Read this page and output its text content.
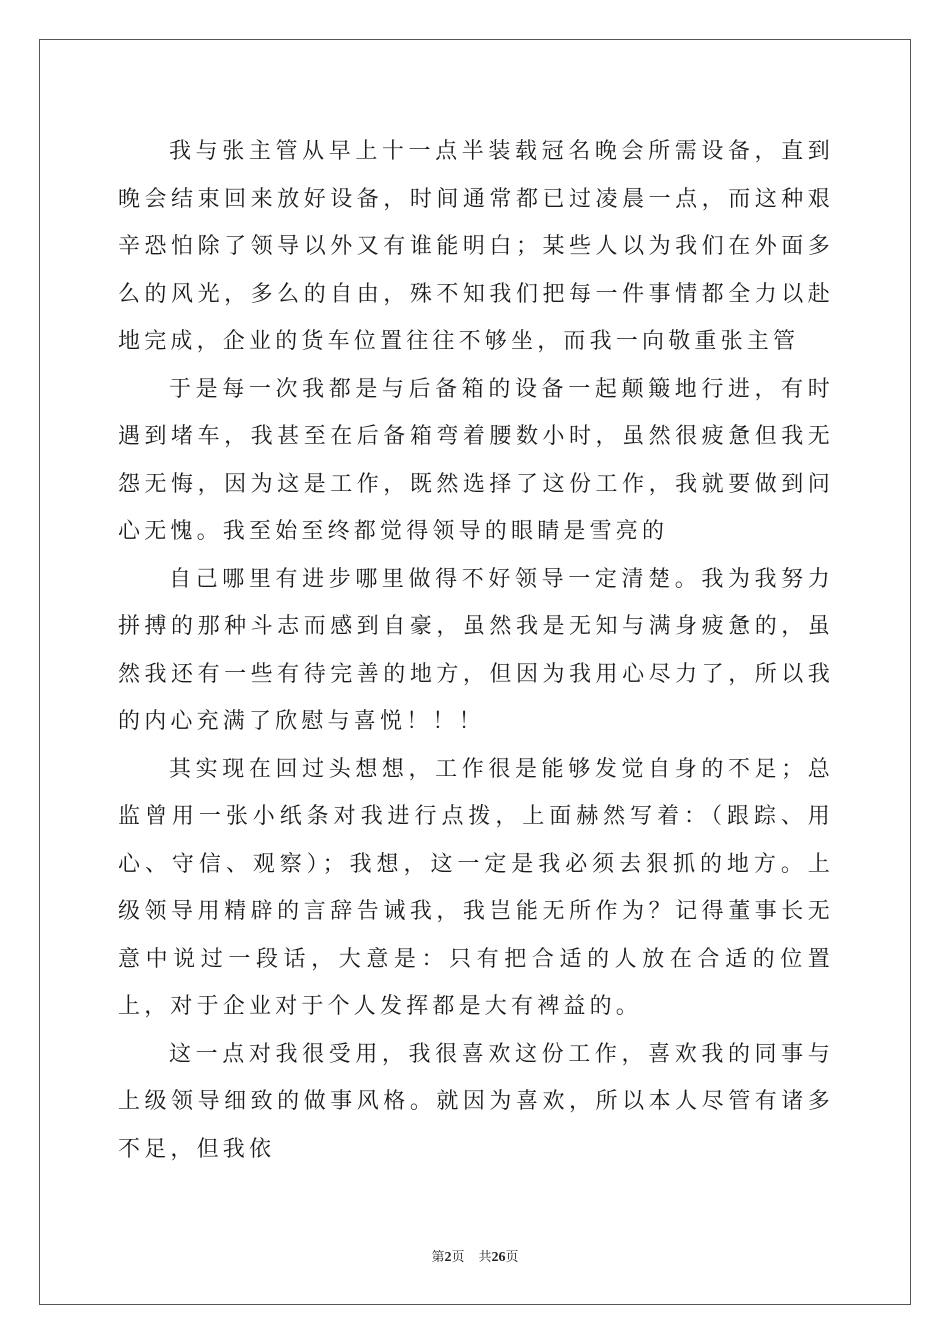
我与张主管从早上十一点半装载冠名晚会所需设备，直到晚会结束回来放好设备，时间通常都已过凌晨一点，而这种艰辛恐怕除了领导以外又有谁能明白；某些人以为我们在外面多么的风光，多么的自由，殊不知我们把每一件事情都全力以赴地完成，企业的货车位置往往不够坐，而我一向敬重张主管

于是每一次我都是与后备箱的设备一起颠簸地行进，有时遇到堵车，我甚至在后备箱弯着腰数小时，虽然很疲惫但我无怨无悔，因为这是工作，既然选择了这份工作，我就要做到问心无愧。我至始至终都觉得领导的眼睛是雪亮的

自己哪里有进步哪里做得不好领导一定清楚。我为我努力拼搏的那种斗志而感到自豪，虽然我是无知与满身疲惫的，虽然我还有一些有待完善的地方，但因为我用心尽力了，所以我的内心充满了欣慰与喜悦！！！

其实现在回过头想想，工作很是能够发觉自身的不足；总监曾用一张小纸条对我进行点拨，上面赫然写着：（跟踪、用心、守信、观察）；我想，这一定是我必须去狠抓的地方。上级领导用精辟的言辞告诫我，我岂能无所作为？记得董事长无意中说过一段话，大意是：只有把合适的人放在合适的位置上，对于企业对于个人发挥都是大有裨益的。

这一点对我很受用，我很喜欢这份工作，喜欢我的同事与上级领导细致的做事风格。就因为喜欢，所以本人尽管有诸多不足，但我依

第2页 共26页
